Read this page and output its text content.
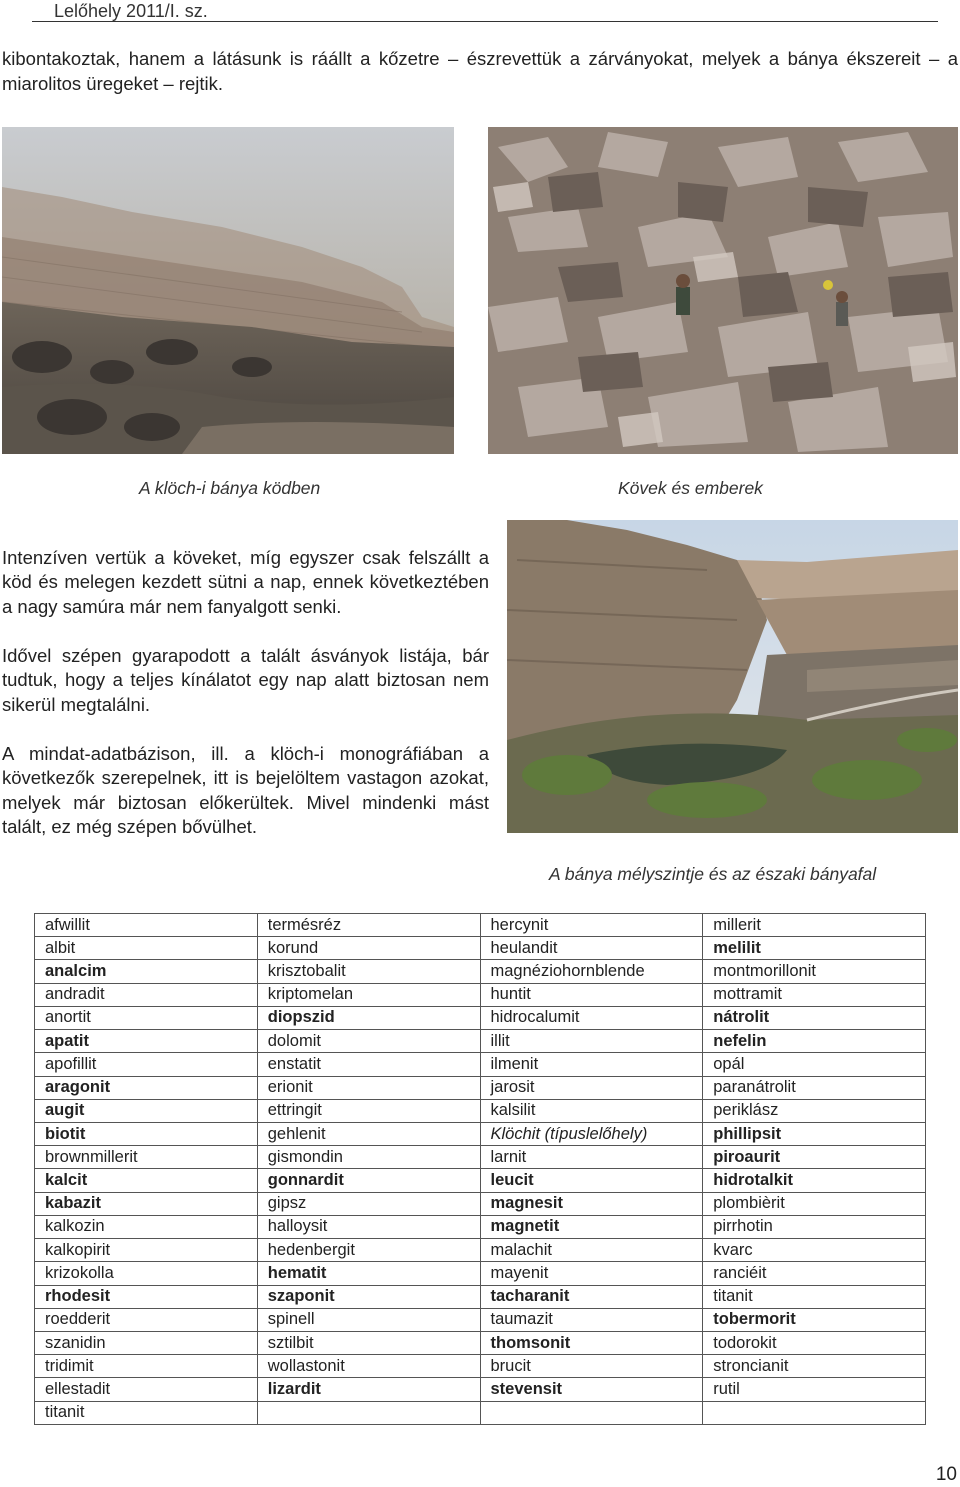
Lelőhely 2011/I. sz.
kibontakoztak, hanem a látásunk is ráállt a kőzetre – észrevettük a zárványokat, melyek a bánya ékszereit – a miarolitos üregeket – rejtik.
A klöch-i bánya ködben	Kövek és emberek
A bánya mélyszintje és az északi bányafal
Intenzíven vertük a köveket, míg egyszer csak felszállt a köd és melegen kezdett sütni a nap, ennek következtében a nagy samúra már nem fanyalgott senki.
Idővel szépen gyarapodott a talált ásványok listája, bár tudtuk, hogy a teljes kínálatot egy nap alatt biztosan nem sikerül megtalálni.
A mindat-adatbázison, ill. a klöch-i monográfiában a következők szerepelnek, itt is bejelöltem vastagon azokat, melyek már biztosan előkerültek. Mivel mindenki mást talált, ez még szépen bővülhet.
afwillit	termésréz	hercynit	millerit
albit	korund	heulandit	melilit
analcim	krisztobalit	magnéziohornblende	montmorillonit
andradit	kriptomelan	huntit	mottramit
anortit	diopszid	hidrocalumit	nátrolit
apatit	dolomit	illit	nefelin
apofillit	enstatit	ilmenit	opál
aragonit	erionit	jarosit	paranátrolit
augit	ettringit	kalsilit	periklász
biotit	gehlenit	Klöchit (típuslelőhely)	phillipsit
brownmillerit	gismondin	larnit	piroaurit
kalcit	gonnardit	leucit	hidrotalkit
kabazit	gipsz	magnesit	plombièrit
kalkozin	halloysit	magnetit	pirrhotin
kalkopirit	hedenbergit	malachit	kvarc
krizokolla	hematit	mayenit	ranciéit
rhodesit	szaponit	tacharanit	titanit
roedderit	spinell	taumazit	tobermorit
szanidin	sztilbit	thomsonit	todorokit
tridimit	wollastonit	brucit	stroncianit
ellestadit	lizardit	stevensit	rutil
titanit			
10
